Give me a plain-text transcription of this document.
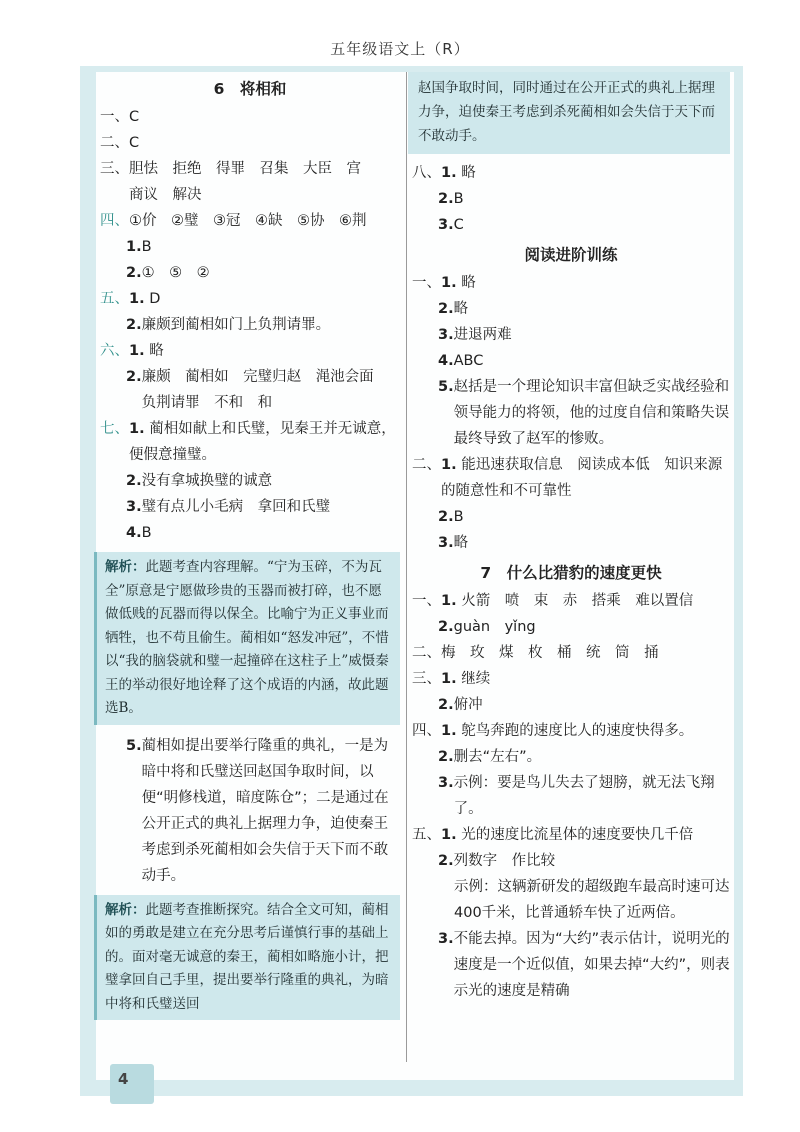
五年级语文上（R）
6　将相和
一、 C
二、 C
三、 胆怯　拒绝　得罪　召集　大臣　宫
商议　解决
四、 ①价　②璧　③冠　④缺　⑤协　⑥荆
1. B
2. ①　⑤　②
五、 1. D
2. 廉颇到蔺相如门上负荆请罪。
六、 1. 略
2. 廉颇　蔺相如　完璧归赵　渑池会面
负荆请罪　不和　和
七、 1. 蔺相如献上和氏璧，见秦王并无诚意，
便假意撞璧。
2. 没有拿城换璧的诚意
3. 璧有点儿小毛病　拿回和氏璧
4. B
解析：此题考查内容理解。“宁为玉碎，不为瓦全”原意是宁愿做珍贵的玉器而被打碎，也不愿做低贱的瓦器而得以保全。比喻宁为正义事业而牺牲，也不苟且偷生。蔺相如“怒发冲冠”，不惜以“我的脑袋就和璧一起撞碎在这柱子上”威慑秦王的举动很好地诠释了这个成语的内涵，故此题选B。
5. 蔺相如提出要举行隆重的典礼，一是为暗中将和氏璧送回赵国争取时间，以便“明修栈道，暗度陈仓”；二是通过在公开正式的典礼上据理力争，迫使秦王考虑到杀死蔺相如会失信于天下而不敢动手。
解析：此题考查推断探究。结合全文可知，蔺相如的勇敢是建立在充分思考后谨慎行事的基础上的。面对毫无诚意的秦王，蔺相如略施小计，把璧拿回自己手里，提出要举行隆重的典礼，为暗中将和氏璧送回
赵国争取时间，同时通过在公开正式的典礼上据理力争，迫使秦王考虑到杀死蔺相如会失信于天下而不敢动手。
八、 1. 略
2. B
3. C
阅读进阶训练
一、 1. 略
2. 略
3. 进退两难
4. ABC
5. 赵括是一个理论知识丰富但缺乏实战经验和领导能力的将领，他的过度自信和策略失误最终导致了赵军的惨败。
二、 1. 能迅速获取信息　阅读成本低　知识来源的随意性和不可靠性
2. B
3. 略
7　什么比猎豹的速度更快
一、 1. 火箭　喷　束　赤　搭乘　难以置信
2. guàn　yǐng
二、 梅　玫　煤　枚　桶　统　筒　捅
三、 1. 继续
2. 俯冲
四、 1. 鸵鸟奔跑的速度比人的速度快得多。
2. 删去“左右”。
3. 示例：要是鸟儿失去了翅膀，就无法飞翔了。
五、 1. 光的速度比流星体的速度要快几千倍
2. 列数字　作比较
示例：这辆新研发的超级跑车最高时速可达400千米，比普通轿车快了近两倍。
3. 不能去掉。因为“大约”表示估计，说明光的速度是一个近似值，如果去掉“大约”，则表示光的速度是精确
4
